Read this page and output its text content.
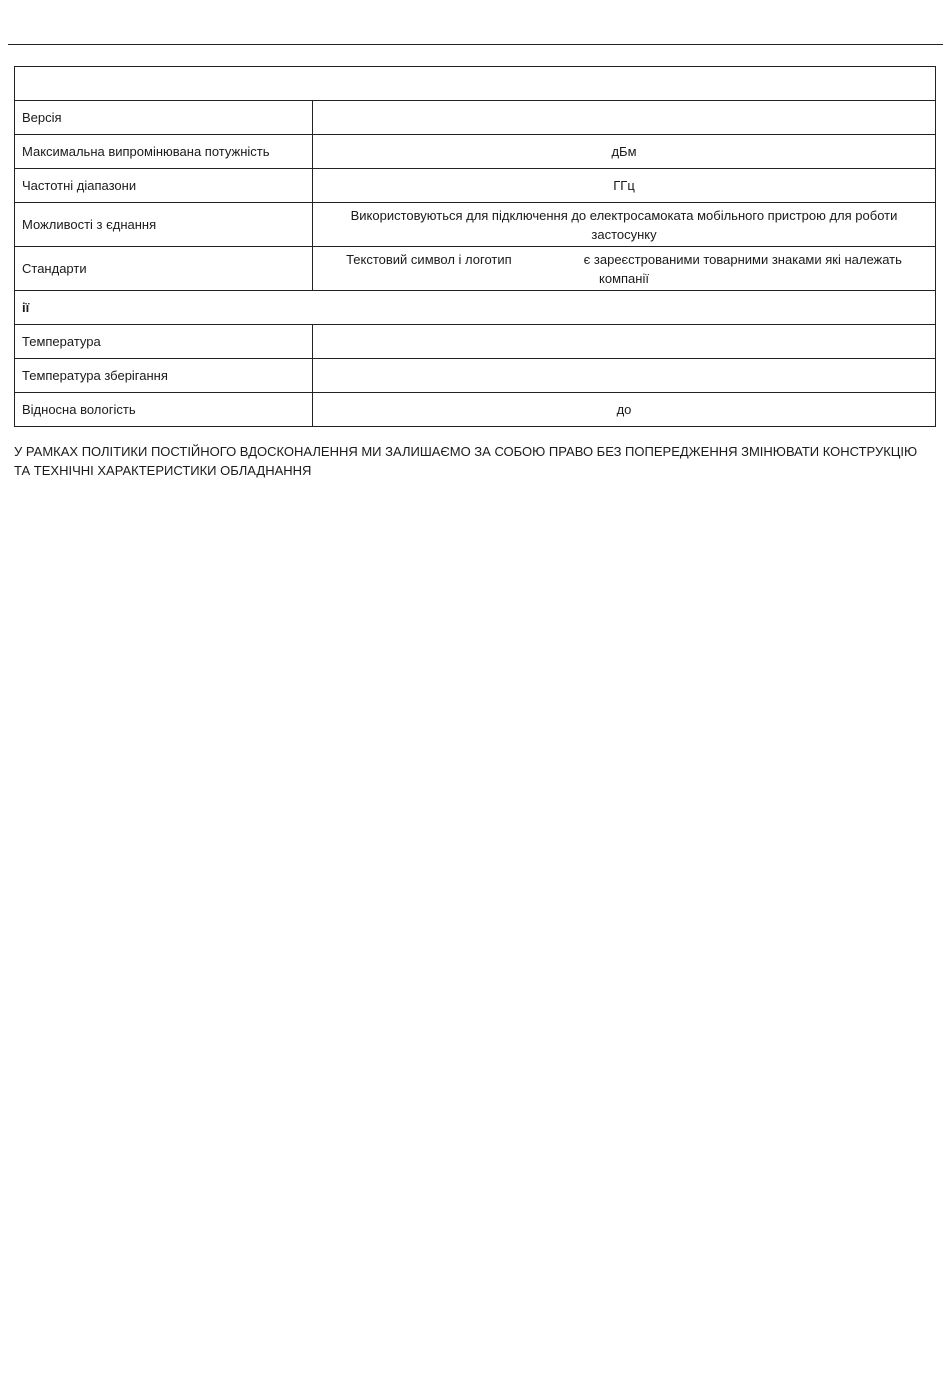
Версія	
Максимальна випромінювана потужність	дБм
Частотні діапазони	ГГц
Можливості з єднання	Використовуються для підключення до електросамоката мобільного пристрою для роботи застосунку
Стандарти	Текстовий символ і логотип є зареєстрованими товарними знаками які належать компанії
ії	
Температура	
Температура зберігання	
Відносна вологість	до
У РАМКАХ ПОЛІТИКИ ПОСТІЙНОГО ВДОСКОНАЛЕННЯ МИ ЗАЛИШАЄМО ЗА СОБОЮ ПРАВО БЕЗ ПОПЕРЕДЖЕННЯ ЗМІНЮВАТИ КОНСТРУКЦІЮ ТА ТЕХНІЧНІ ХАРАКТЕРИСТИКИ ОБЛАДНАННЯ
